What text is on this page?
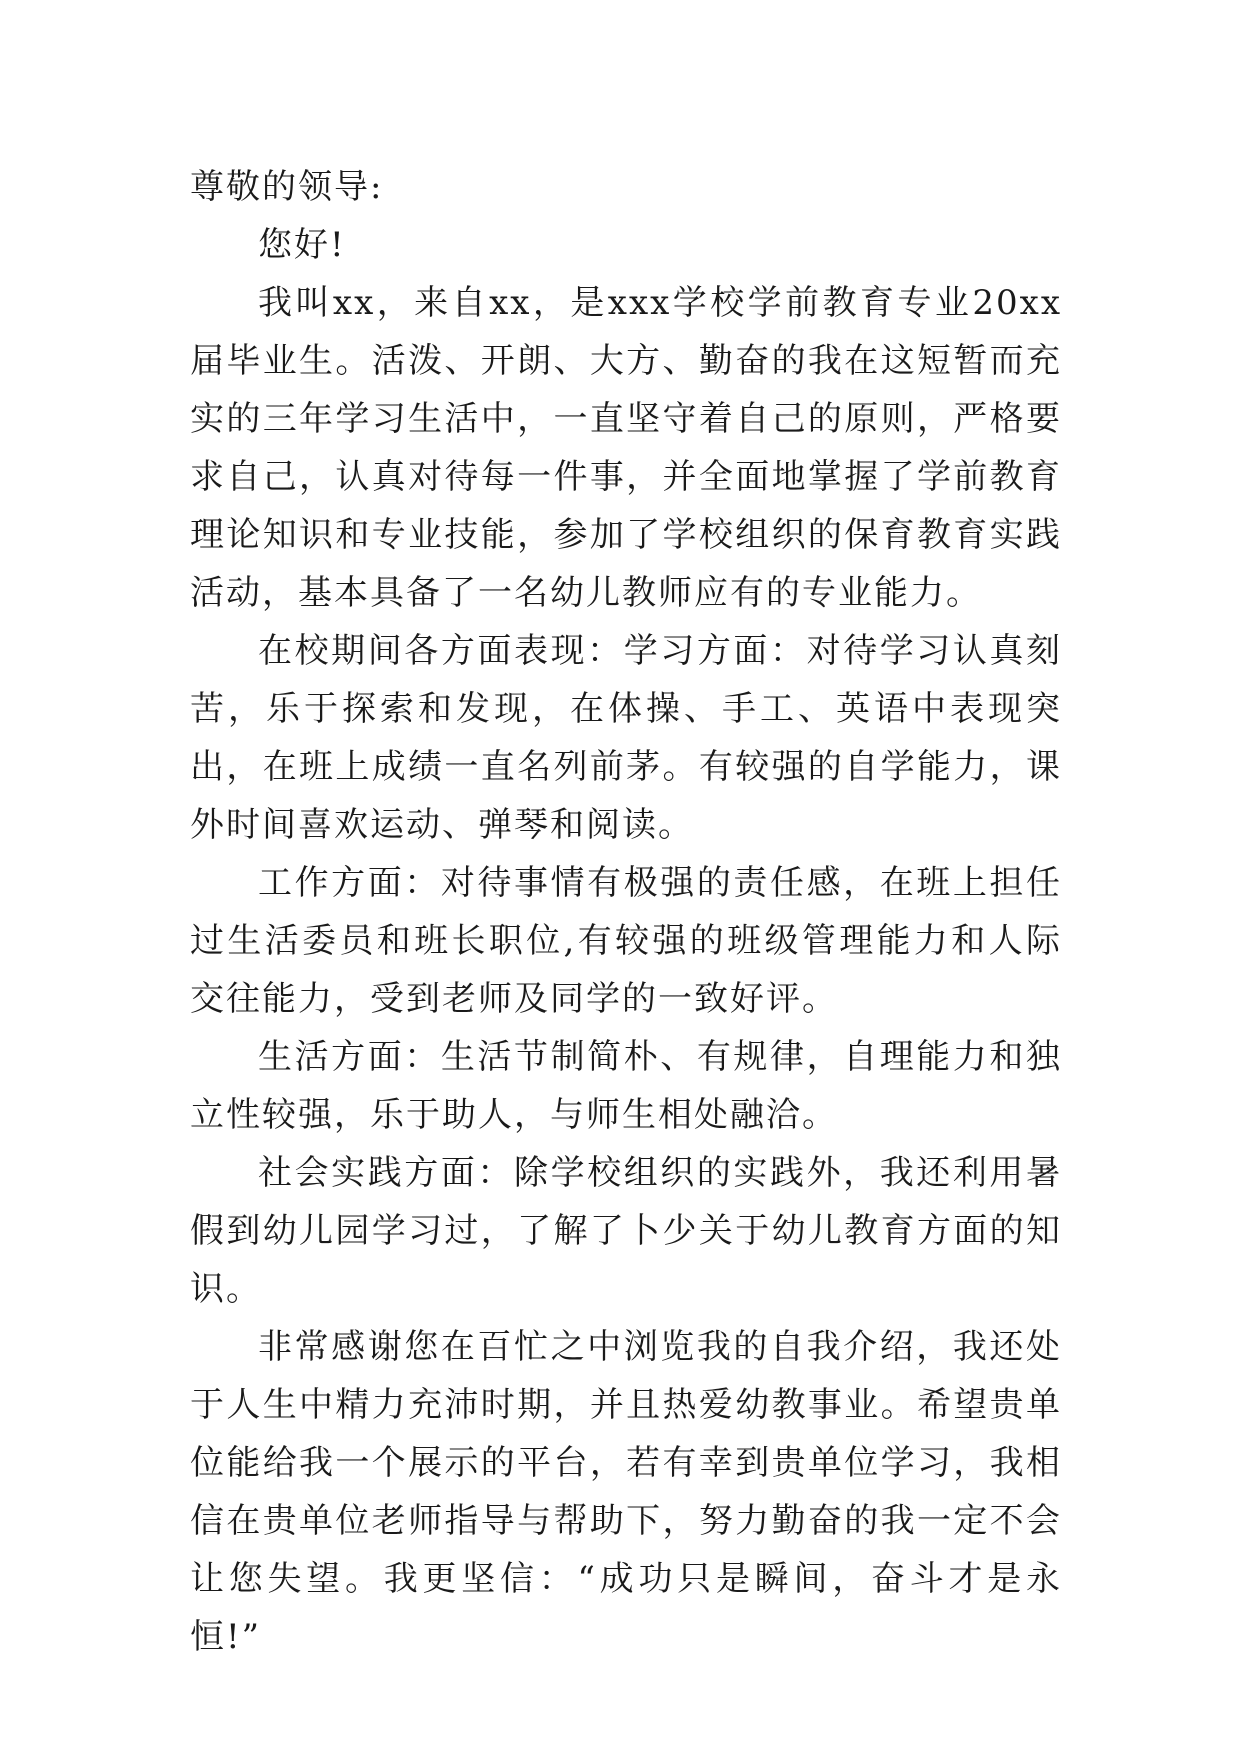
尊敬的领导:

您好!

我叫xx，来自xx，是xxx学校学前教育专业20xx届毕业生。活泼、开朗、大方、勤奋的我在这短暂而充实的三年学习生活中，一直坚守着自己的原则，严格要求自己，认真对待每一件事，并全面地掌握了学前教育理论知识和专业技能，参加了学校组织的保育教育实践活动，基本具备了一名幼儿教师应有的专业能力。

在校期间各方面表现：学习方面：对待学习认真刻苦，乐于探索和发现，在体操、手工、英语中表现突出，在班上成绩一直名列前茅。有较强的自学能力，课外时间喜欢运动、弹琴和阅读。

工作方面：对待事情有极强的责任感，在班上担任过生活委员和班长职位,有较强的班级管理能力和人际交往能力，受到老师及同学的一致好评。

生活方面：生活节制简朴、有规律，自理能力和独立性较强，乐于助人，与师生相处融洽。

社会实践方面：除学校组织的实践外，我还利用暑假到幼儿园学习过，了解了卜少关于幼儿教育方面的知识。

非常感谢您在百忙之中浏览我的自我介绍，我还处于人生中精力充沛时期，并且热爱幼教事业。希望贵单位能给我一个展示的平台，若有幸到贵单位学习，我相信在贵单位老师指导与帮助下，努力勤奋的我一定不会让您失望。我更坚信：“成功只是瞬间，奋斗才是永恒!”
